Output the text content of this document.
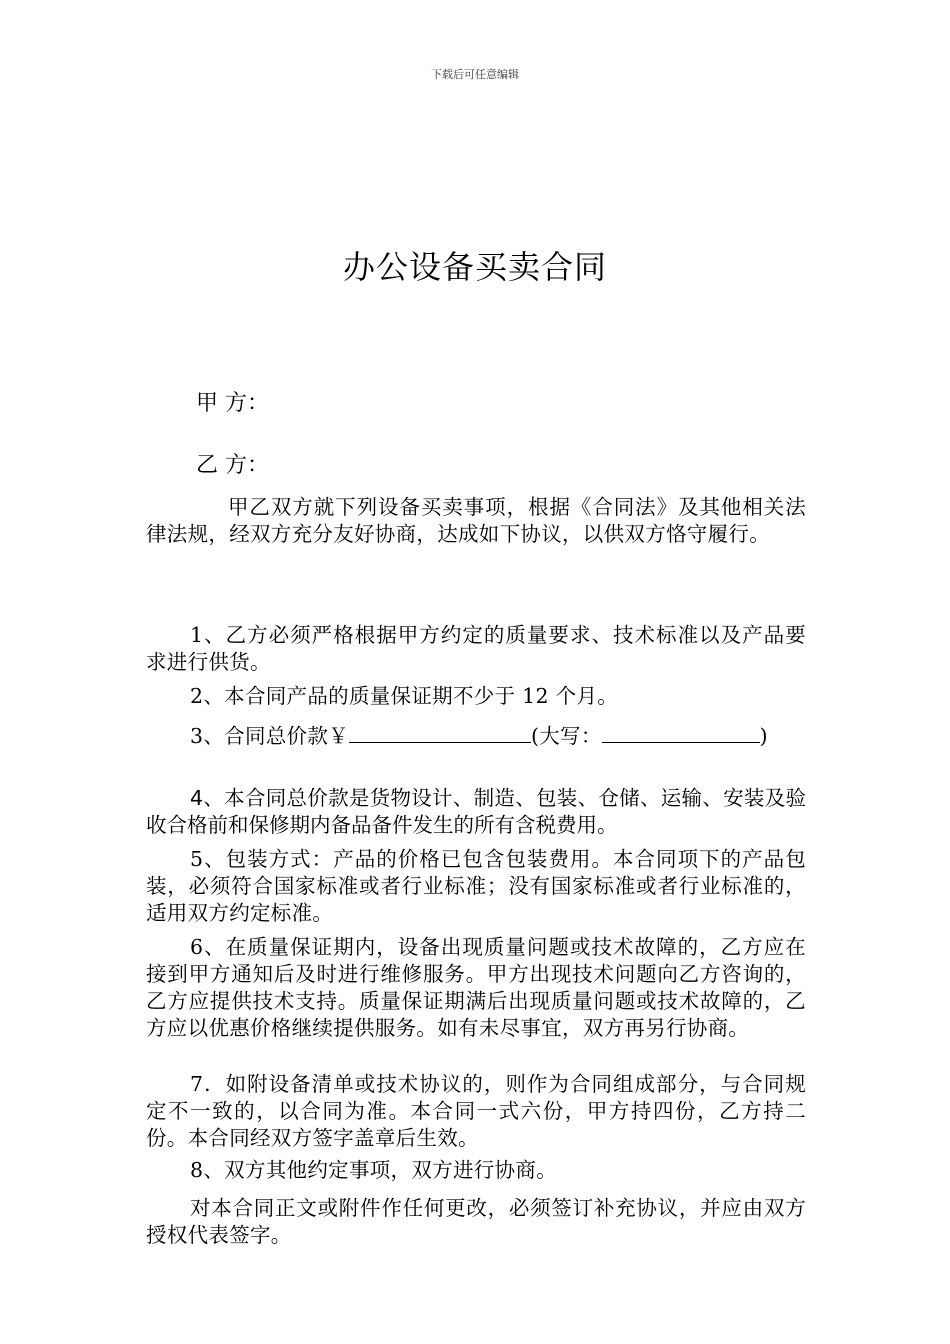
下载后可任意编辑
办公设备买卖合同
甲 方：
乙 方：
甲乙双方就下列设备买卖事项，根据《合同法》及其他相关法律法规，经双方充分友好协商，达成如下协议，以供双方恪守履行。
1、乙方必须严格根据甲方约定的质量要求、技术标准以及产品要求进行供货。
2、本合同产品的质量保证期不少于 12 个月。
3、合同总价款￥	(大写：	)
4、本合同总价款是货物设计、制造、包装、仓储、运输、安装及验收合格前和保修期内备品备件发生的所有含税费用。
5、包装方式：产品的价格已包含包装费用。本合同项下的产品包装，必须符合国家标准或者行业标准；没有国家标准或者行业标准的，适用双方约定标准。
6、在质量保证期内，设备出现质量问题或技术故障的，乙方应在接到甲方通知后及时进行维修服务。甲方出现技术问题向乙方咨询的，乙方应提供技术支持。质量保证期满后出现质量问题或技术故障的，乙方应以优惠价格继续提供服务。如有未尽事宜，双方再另行协商。
7．如附设备清单或技术协议的，则作为合同组成部分，与合同规定不一致的，以合同为准。本合同一式六份，甲方持四份，乙方持二份。本合同经双方签字盖章后生效。
8、双方其他约定事项，双方进行协商。
对本合同正文或附件作任何更改，必须签订补充协议，并应由双方授权代表签字。
